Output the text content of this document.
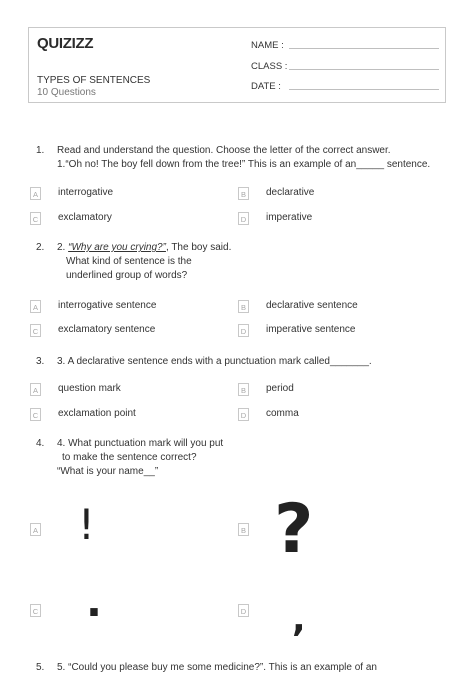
QUIZIZZ
TYPES OF SENTENCES
10 Questions
NAME :
CLASS :
DATE :
1.	Read and understand the question. Choose the letter of the correct answer.
1.“Oh no! The boy fell down from the tree!” This is an example of an_____ sentence.
A	interrogative	B	declarative
C exclamatory	D imperative
2.	2. “Why are you crying?”, The boy said.
What kind of sentence is the
underlined group of words?
A	interrogative sentence	B	declarative sentence
C exclamatory sentence	D imperative sentence
3.	3. A declarative sentence ends with a punctuation mark called_______.
A	question mark	B	period
C exclamation point	D comma
4.	4. What punctuation mark will you put
to make the sentence correct?
“What is your name__”
A !	B ?
C .	D ,
5.	5. “Could you please buy me some medicine?”. This is an example of an
